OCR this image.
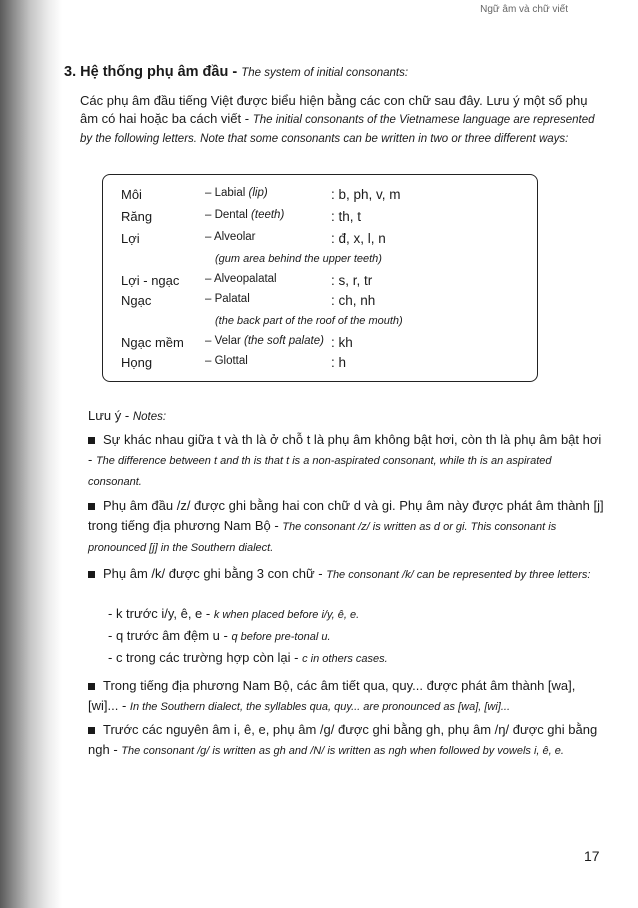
Ngữ âm và chữ viết
3. Hệ thống phụ âm đầu - The system of initial consonants:
Các phụ âm đầu tiếng Việt được biểu hiện bằng các con chữ sau đây. Lưu ý một số phụ âm có hai hoặc ba cách viết - The initial consonants of the Vietnamese language are represented by the following letters. Note that some consonants can be written in two or three different ways:
Môi	– Labial (lip)	: b, ph, v, m
Răng	– Dental (teeth)	: th, t
Lợi	– Alveolar	: đ, x, l, n
(gum area behind the upper teeth)
Lợi - ngạc – Alveopalatal	: s, r, tr
Ngạc	– Palatal	: ch, nh
(the back part of the roof of the mouth)
Ngạc mềm – Velar (the soft palate) : kh
Họng	– Glottal	: h
Lưu ý - Notes:
Sự khác nhau giữa t và th là ở chỗ t là phụ âm không bật hơi, còn th là phụ âm bật hơi - The difference between t and th is that t is a non-aspirated consonant, while th is an aspirated consonant.
Phụ âm đầu /z/ được ghi bằng hai con chữ d và gi. Phụ âm này được phát âm thành [j] trong tiếng địa phương Nam Bộ - The consonant /z/ is written as d or gi. This consonant is pronounced [j] in the Southern dialect.
Phụ âm /k/ được ghi bằng 3 con chữ - The consonant /k/ can be represented by three letters:
- k trước i/y, ê, e - k when placed before i/y, ê, e.
- q trước âm đệm u - q before pre-tonal u.
- c trong các trường hợp còn lại - c in others cases.
Trong tiếng địa phương Nam Bộ, các âm tiết qua, quy... được phát âm thành [wa], [wi]... - In the Southern dialect, the syllables qua, quy... are pronounced as [wa], [wi]...
Trước các nguyên âm i, ê, e, phụ âm /g/ được ghi bằng gh, phụ âm /ŋ/ được ghi bằng ngh - The consonant /g/ is written as gh and /N/ is written as ngh when followed by vowels i, ê, e.
17
